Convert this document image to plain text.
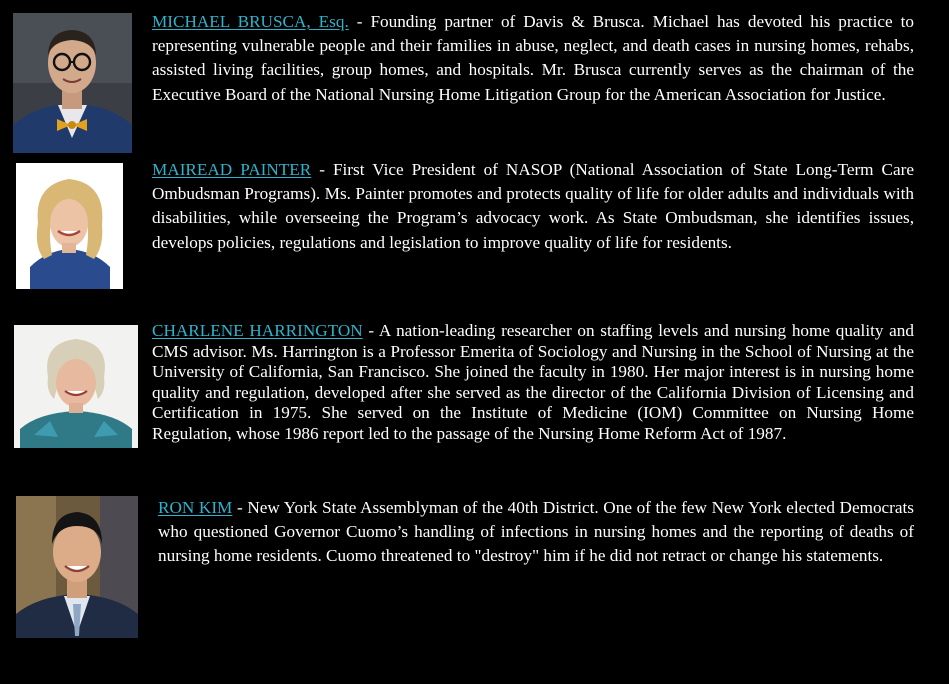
MICHAEL BRUSCA, Esq. - Founding partner of Davis & Brusca. Michael has devoted his practice to representing vulnerable people and their families in abuse, neglect, and death cases in nursing homes, rehabs, assisted living facilities, group homes, and hospitals. Mr. Brusca currently serves as the chairman of the Executive Board of the National Nursing Home Litigation Group for the American Association for Justice.
MAIREAD PAINTER - First Vice President of NASOP (National Association of State Long-Term Care Ombudsman Programs). Ms. Painter promotes and protects quality of life for older adults and individuals with disabilities, while overseeing the Program’s advocacy work. As State Ombudsman, she identifies issues, develops policies, regulations and legislation to improve quality of life for residents.
CHARLENE HARRINGTON - A nation-leading researcher on staffing levels and nursing home quality and CMS advisor. Ms. Harrington is a Professor Emerita of Sociology and Nursing in the School of Nursing at the University of California, San Francisco. She joined the faculty in 1980. Her major interest is in nursing home quality and regulation, developed after she served as the director of the California Division of Licensing and Certification in 1975. She served on the Institute of Medicine (IOM) Committee on Nursing Home Regulation, whose 1986 report led to the passage of the Nursing Home Reform Act of 1987.
RON KIM - New York State Assemblyman of the 40th District. One of the few New York elected Democrats who questioned Governor Cuomo’s handling of infections in nursing homes and the reporting of deaths of nursing home residents. Cuomo threatened to "destroy" him if he did not retract or change his statements.
